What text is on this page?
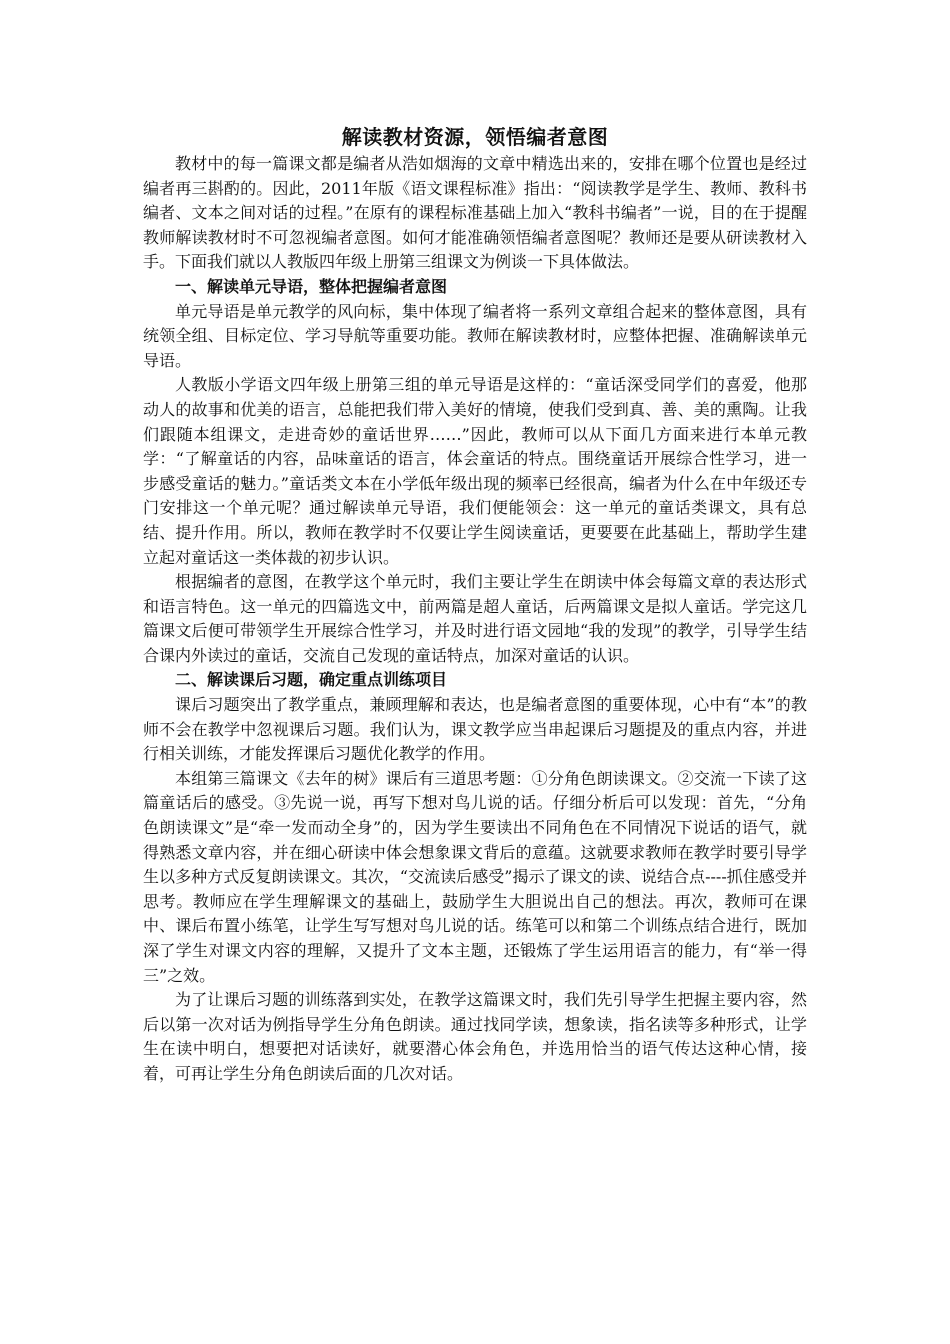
解读教材资源，领悟编者意图

教材中的每一篇课文都是编者从浩如烟海的文章中精选出来的，安排在哪个位置也是经过编者再三斟酌的。因此，2011年版《语文课程标准》指出：“阅读教学是学生、教师、教科书编者、文本之间对话的过程。”在原有的课程标准基础上加入“教科书编者”一说，目的在于提醒教师解读教材时不可忽视编者意图。如何才能准确领悟编者意图呢？教师还是要从研读教材入手。下面我们就以人教版四年级上册第三组课文为例谈一下具体做法。

一、解读单元导语，整体把握编者意图

单元导语是单元教学的风向标，集中体现了编者将一系列文章组合起来的整体意图，具有统领全组、目标定位、学习导航等重要功能。教师在解读教材时，应整体把握、准确解读单元导语。

人教版小学语文四年级上册第三组的单元导语是这样的：“童话深受同学们的喜爱，他那动人的故事和优美的语言，总能把我们带入美好的情境，使我们受到真、善、美的熏陶。让我们跟随本组课文，走进奇妙的童话世界……”因此，教师可以从下面几方面来进行本单元教学：“了解童话的内容，品味童话的语言，体会童话的特点。围绕童话开展综合性学习，进一步感受童话的魅力。”童话类文本在小学低年级出现的频率已经很高，编者为什么在中年级还专门安排这一个单元呢？通过解读单元导语，我们便能领会：这一单元的童话类课文，具有总结、提升作用。所以，教师在教学时不仅要让学生阅读童话，更要要在此基础上，帮助学生建立起对童话这一类体裁的初步认识。

根据编者的意图，在教学这个单元时，我们主要让学生在朗读中体会每篇文章的表达形式和语言特色。这一单元的四篇选文中，前两篇是超人童话，后两篇课文是拟人童话。学完这几篇课文后便可带领学生开展综合性学习，并及时进行语文园地“我的发现”的教学，引导学生结合课内外读过的童话，交流自己发现的童话特点，加深对童话的认识。

二、解读课后习题，确定重点训练项目

课后习题突出了教学重点，兼顾理解和表达，也是编者意图的重要体现，心中有“本”的教师不会在教学中忽视课后习题。我们认为，课文教学应当串起课后习题提及的重点内容，并进行相关训练，才能发挥课后习题优化教学的作用。

本组第三篇课文《去年的树》课后有三道思考题：①分角色朗读课文。②交流一下读了这篇童话后的感受。③先说一说，再写下想对鸟儿说的话。仔细分析后可以发现：首先，“分角色朗读课文”是“牵一发而动全身”的，因为学生要读出不同角色在不同情况下说话的语气，就得熟悉文章内容，并在细心研读中体会想象课文背后的意蕴。这就要求教师在教学时要引导学生以多种方式反复朗读课文。其次，“交流读后感受”揭示了课文的读、说结合点----抓住感受并思考。教师应在学生理解课文的基础上，鼓励学生大胆说出自己的想法。再次，教师可在课中、课后布置小练笔，让学生写写想对鸟儿说的话。练笔可以和第二个训练点结合进行，既加深了学生对课文内容的理解，又提升了文本主题，还锻炼了学生运用语言的能力，有“举一得三”之效。

为了让课后习题的训练落到实处，在教学这篇课文时，我们先引导学生把握主要内容，然后以第一次对话为例指导学生分角色朗读。通过找同学读，想象读，指名读等多种形式，让学生在读中明白，想要把对话读好，就要潜心体会角色，并选用恰当的语气传达这种心情，接着，可再让学生分角色朗读后面的几次对话。
